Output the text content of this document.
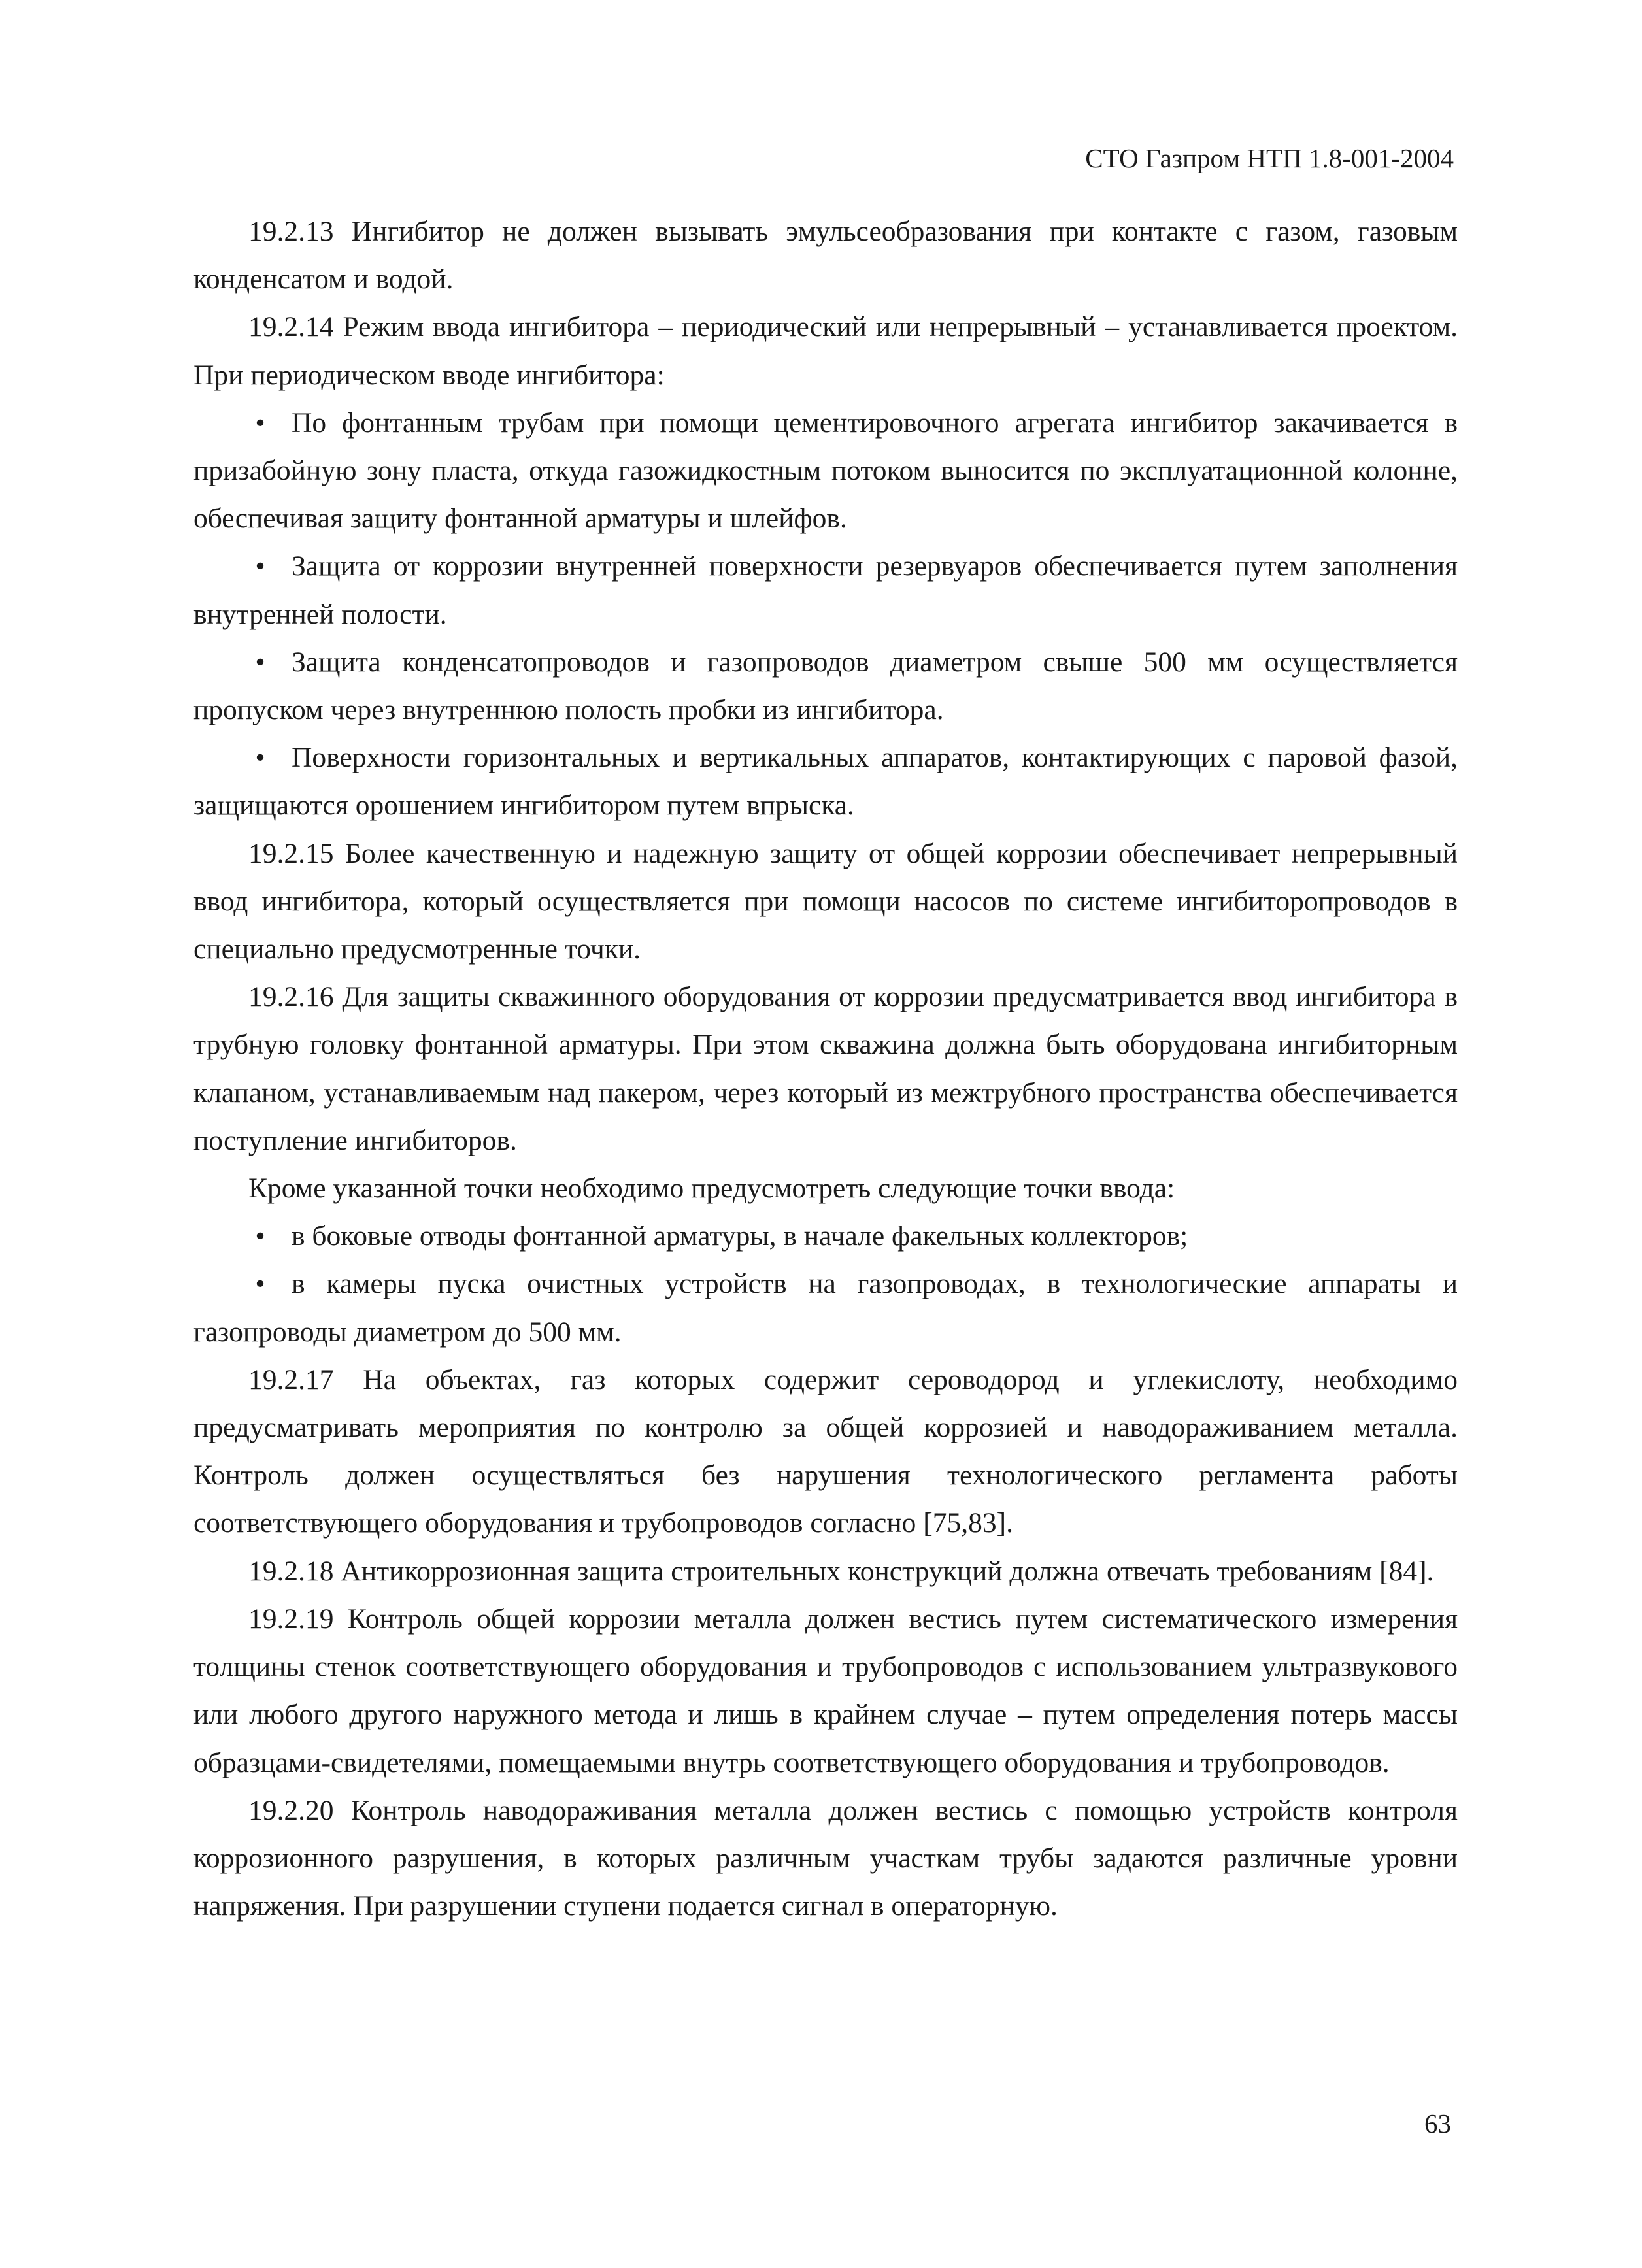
СТО Газпром НТП 1.8-001-2004

19.2.13 Ингибитор не должен вызывать эмульсеобразования при контакте с газом, газовым конденсатом и водой.

19.2.14 Режим ввода ингибитора – периодический или непрерывный – устанавливается проектом. При периодическом вводе ингибитора:

• По фонтанным трубам при помощи цементировочного агрегата ингибитор закачивается в призабойную зону пласта, откуда газожидкостным потоком выносится по эксплуатационной колонне, обеспечивая защиту фонтанной арматуры и шлейфов.
• Защита от коррозии внутренней поверхности резервуаров обеспечивается путем заполнения внутренней полости.
• Защита конденсатопроводов и газопроводов диаметром свыше 500 мм осуществляется пропуском через внутреннюю полость пробки из ингибитора.
• Поверхности горизонтальных и вертикальных аппаратов, контактирующих с паровой фазой, защищаются орошением ингибитором путем впрыска.

19.2.15 Более качественную и надежную защиту от общей коррозии обеспечивает непрерывный ввод ингибитора, который осуществляется при помощи насосов по системе ингибиторопроводов в специально предусмотренные точки.

19.2.16 Для защиты скважинного оборудования от коррозии предусматривается ввод ингибитора в трубную головку фонтанной арматуры. При этом скважина должна быть оборудована ингибиторным клапаном, устанавливаемым над пакером, через который из межтрубного пространства обеспечивается поступление ингибиторов.

Кроме указанной точки необходимо предусмотреть следующие точки ввода:

• в боковые отводы фонтанной арматуры, в начале факельных коллекторов;
• в камеры пуска очистных устройств на газопроводах, в технологические аппараты и газопроводы диаметром до 500 мм.

19.2.17 На объектах, газ которых содержит сероводород и углекислоту, необходимо предусматривать мероприятия по контролю за общей коррозией и наводораживанием металла. Контроль должен осуществляться без нарушения технологического регламента работы соответствующего оборудования и трубопроводов согласно [75,83].

19.2.18 Антикоррозионная защита строительных конструкций должна отвечать требованиям [84].

19.2.19 Контроль общей коррозии металла должен вестись путем систематического измерения толщины стенок соответствующего оборудования и трубопроводов с использованием ультразвукового или любого другого наружного метода и лишь в крайнем случае – путем определения потерь массы образцами-свидетелями, помещаемыми внутрь соответствующего оборудования и трубопроводов.

19.2.20 Контроль наводораживания металла должен вестись с помощью устройств контроля коррозионного разрушения, в которых различным участкам трубы задаются различные уровни напряжения. При разрушении ступени подается сигнал в операторную.

63
